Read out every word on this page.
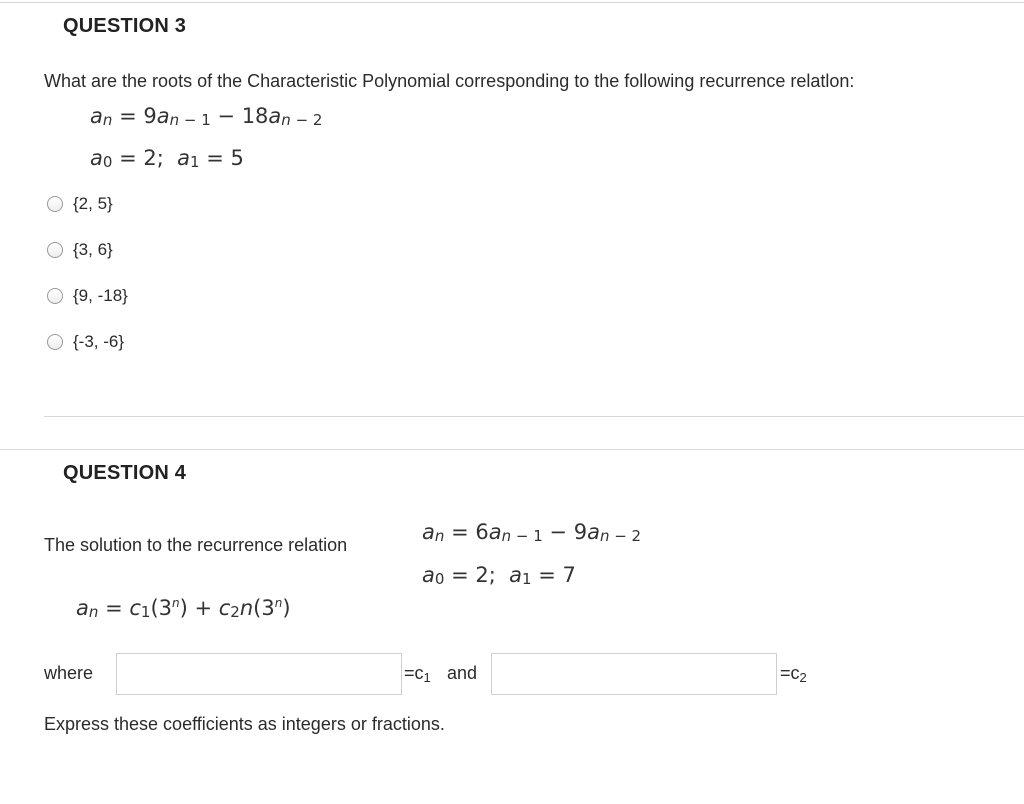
QUESTION 3
What are the roots of the Characteristic Polynomial corresponding to the following recurrence relatlon:
$a_n = 9a_{n - 1} - 18a_{n - 2}$
$a_0 = 2$;  $a_1 = 5$
{2, 5}
{3, 6}
{9, -18}
{-3, -6}
QUESTION 4
The solution to the recurrence relation
$a_n = 6a_{n - 1} - 9a_{n - 2}$
$a_0 = 2$;  $a_1 = 7$
$a_n = c_1(3^n) + c_2n(3^n)$
where	$=c_1$ and	$=c_2$
Express these coefficients as integers or fractions.
